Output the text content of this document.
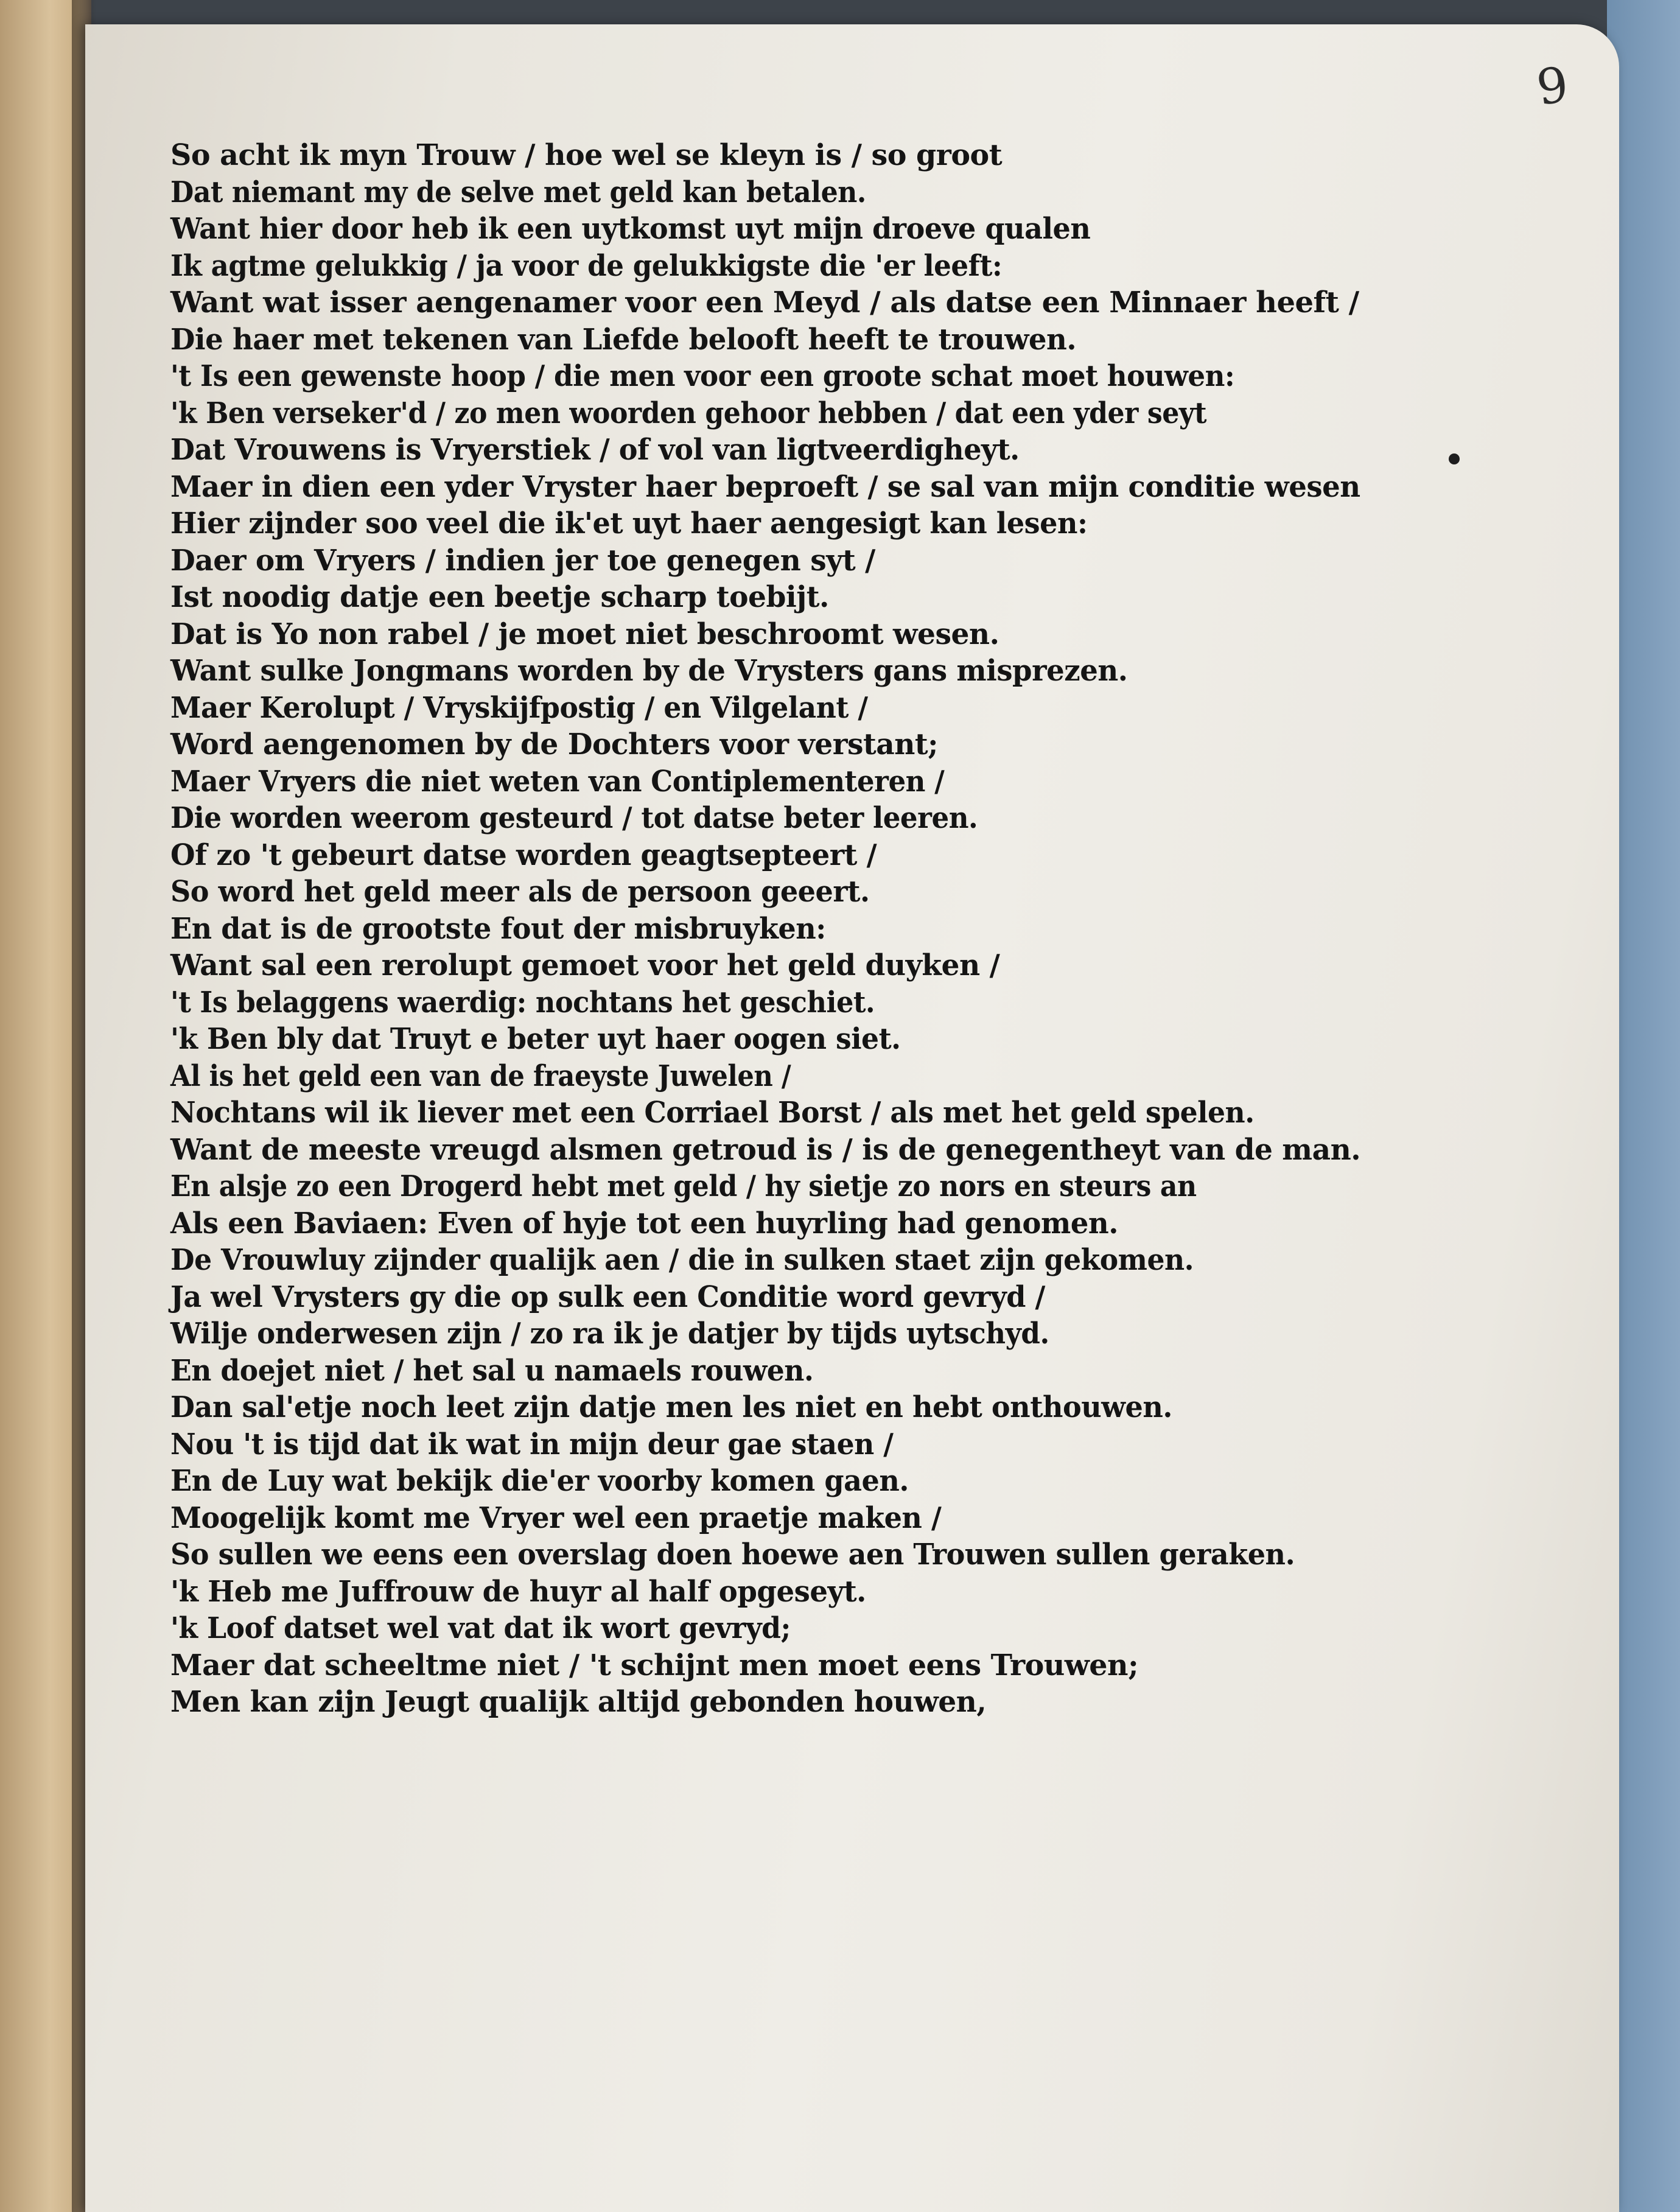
9
So acht ik myn Trouw / hoe wel se kleyn is / so groot
Dat niemant my de selve met geld kan betalen.
Want hier door heb ik een uytkomst uyt mijn droeve qualen
Ik agtme gelukkig / ja voor de gelukkigste die 'er leeft:
Want wat isser aengenamer voor een Meyd / als datse een Minnaer heeft /
Die haer met tekenen van Liefde belooft heeft te trouwen.
't Is een gewenste hoop / die men voor een groote schat moet houwen:
'k Ben verseker'd / zo men woorden gehoor hebben / dat een yder seyt
Dat Vrouwens is Vryerstiek / of vol van ligtveerdigheyt.
Maer in dien een yder Vryster haer beproeft / se sal van mijn conditie wesen
Hier zijnder soo veel die ik'et uyt haer aengesigt kan lesen:
Daer om Vryers / indien jer toe genegen syt /
Ist noodig datje een beetje scharp toebijt.
Dat is Yo non rabel / je moet niet beschroomt wesen.
Want sulke Jongmans worden by de Vrysters gans misprezen.
Maer Kerolupt / Vryskijfpostig / en Vilgelant /
Word aengenomen by de Dochters voor verstant;
Maer Vryers die niet weten van Contiplementeren /
Die worden weerom gesteurd / tot datse beter leeren.
Of zo 't gebeurt datse worden geagtsepteert /
So word het geld meer als de persoon geeert.
En dat is de grootste fout der misbruyken:
Want sal een rerolupt gemoet voor het geld duyken /
't Is belaggens waerdig: nochtans het geschiet.
'k Ben bly dat Truyt e beter uyt haer oogen siet.
Al is het geld een van de fraeyste Juwelen /
Nochtans wil ik liever met een Corriael Borst / als met het geld spelen.
Want de meeste vreugd alsmen getroud is / is de genegentheyt van de man.
En alsje zo een Drogerd hebt met geld / hy sietje zo nors en steurs an
Als een Baviaen: Even of hyje tot een huyrling had genomen.
De Vrouwluy zijnder qualijk aen / die in sulken staet zijn gekomen.
Ja wel Vrysters gy die op sulk een Conditie word gevryd /
Wilje onderwesen zijn / zo ra ik je datjer by tijds uytschyd.
En doejet niet / het sal u namaels rouwen.
Dan sal'etje noch leet zijn datje men les niet en hebt onthouwen.
Nou 't is tijd dat ik wat in mijn deur gae staen /
En de Luy wat bekijk die'er voorby komen gaen.
Moogelijk komt me Vryer wel een praetje maken /
So sullen we eens een overslag doen hoewe aen Trouwen sullen geraken.
'k Heb me Juffrouw de huyr al half opgeseyt.
'k Loof datset wel vat dat ik wort gevryd;
Maer dat scheeltme niet / 't schijnt men moet eens Trouwen;
Men kan zijn Jeugt qualijk altijd gebonden houwen,
